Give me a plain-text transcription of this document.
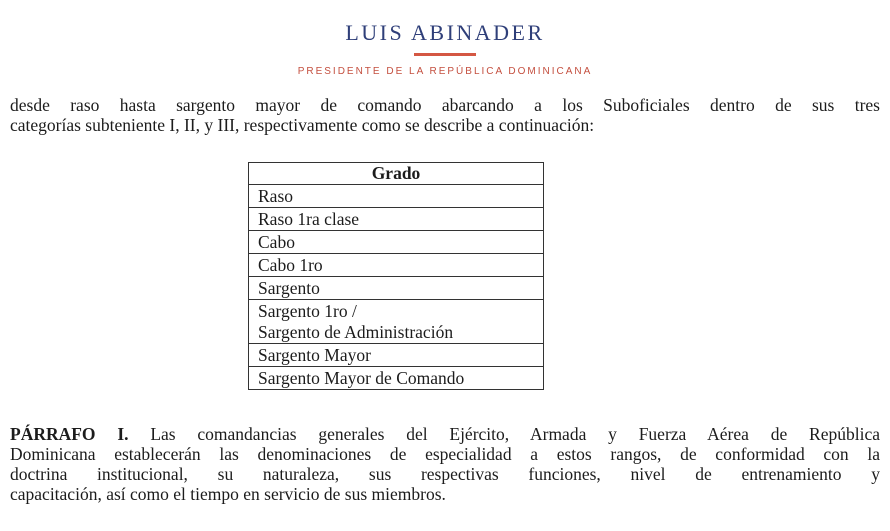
LUIS ABINADER
PRESIDENTE DE LA REPÚBLICA DOMINICANA
desde raso hasta sargento mayor de comando abarcando a los Suboficiales dentro de sus tres
categorías subteniente I, II, y III, respectivamente como se describe a continuación:
Grado
Raso
Raso 1ra clase
Cabo
Cabo 1ro
Sargento

Sargento 1ro /
Sargento de Administración

Sargento Mayor
Sargento Mayor de Comando
PÁRRAFO I. Las comandancias generales del Ejército, Armada y Fuerza Aérea de República
Dominicana establecerán las denominaciones de especialidad a estos rangos, de conformidad con la
doctrina institucional, su naturaleza, sus respectivas funciones, nivel de entrenamiento y
capacitación, así como el tiempo en servicio de sus miembros.
